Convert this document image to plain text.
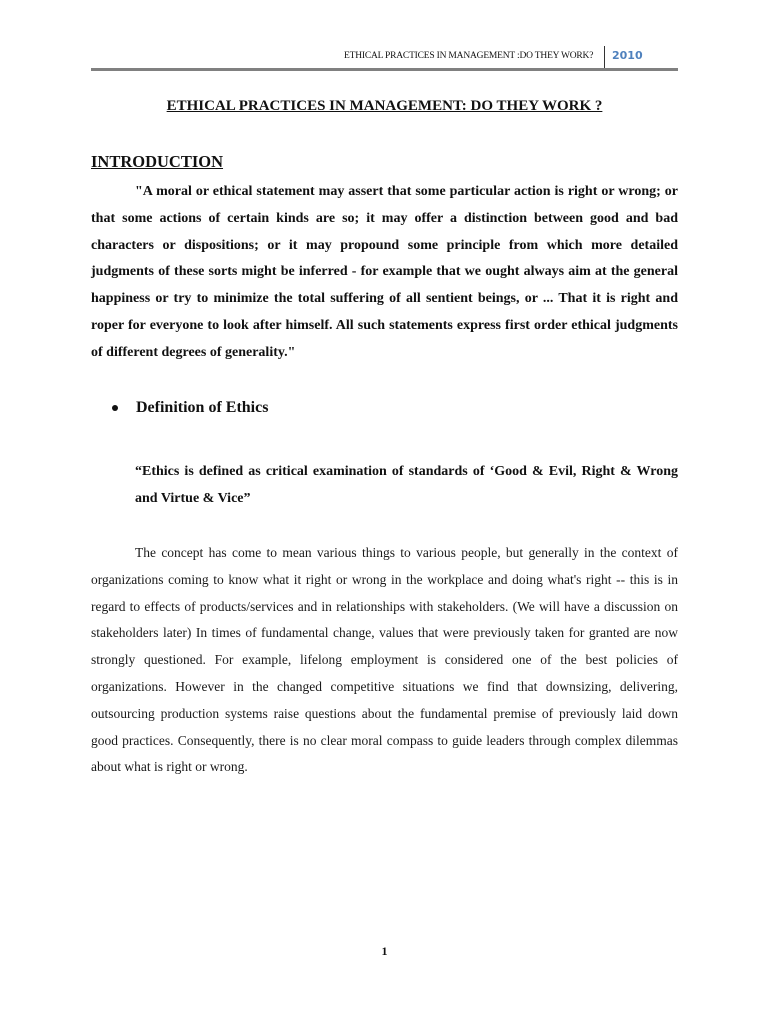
ETHICAL PRACTICES IN MANAGEMENT :DO THEY WORK?	2010
ETHICAL PRACTICES IN MANAGEMENT: DO THEY WORK ?
INTRODUCTION

"A moral or ethical statement may assert that some particular action is right or wrong; or that some actions of certain kinds are so; it may offer a distinction between good and bad characters or dispositions; or it may propound some principle from which more detailed judgments of these sorts might be inferred - for example that we ought always aim at the general happiness or try to minimize the total suffering of all sentient beings, or ... That it is right and roper for everyone to look after himself. All such statements express first order ethical judgments of different degrees of generality."

Definition of Ethics

“Ethics is defined as critical examination of standards of ‘Good & Evil, Right & Wrong and Virtue & Vice”

The concept has come to mean various things to various people, but generally in the context of organizations coming to know what it right or wrong in the workplace and doing what's right -- this is in regard to effects of products/services and in relationships with stakeholders. (We will have a discussion on stakeholders later) In times of fundamental change, values that were previously taken for granted are now strongly questioned. For example, lifelong employment is considered one of the best policies of organizations. However in the changed competitive situations we find that downsizing, delivering, outsourcing production systems raise questions about the fundamental premise of previously laid down good practices. Consequently, there is no clear moral compass to guide leaders through complex dilemmas about what is right or wrong.

1
